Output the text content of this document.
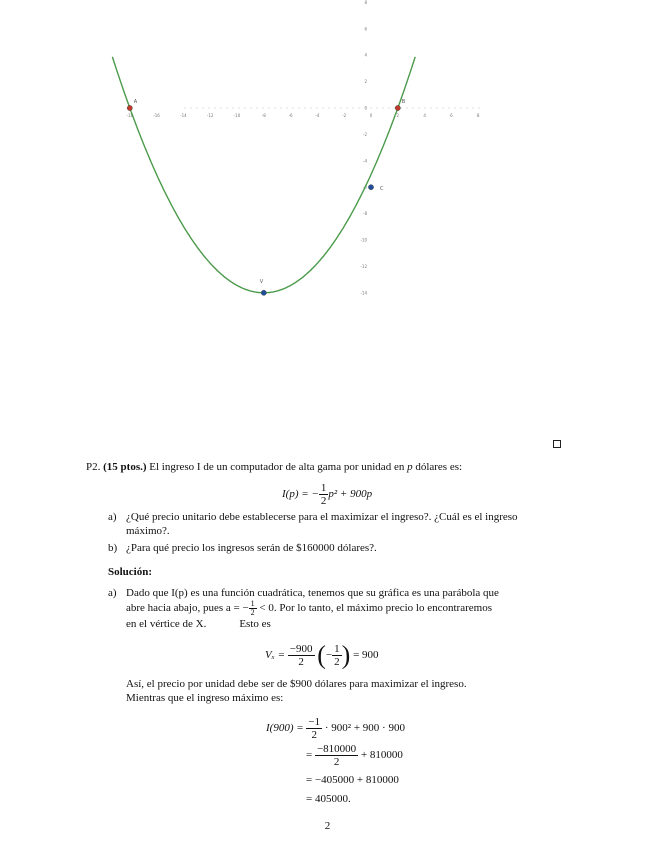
-18	-16	-14	-12	-10	-8	-6	-4	-2	0	2	4	6	8
8
6
4
2
0
-2
-4
-6
-8
-10
-12
-14
A	B
C
V
P2. (15 ptos.) El ingreso I de un computador de alta gama por unidad en p dólares es:
I(p) = − $\frac{1}{2} p^2 + 900p$
a) ¿Qué precio unitario debe establecerse para el maximizar el ingreso?. ¿Cuál es el ingreso
máximo?.
b) ¿Para qué precio los ingresos serán de $160000 dólares?.
Solución:
a) Dado que I(p) es una función cuadrática, tenemos que su gráfica es una parábola que
abre hacia abajo, pues a = − $\frac{1}{2} < 0$. Por lo tanto, el máximo precio lo encontraremos
en el vértice de X.            Esto es
$V_x = \frac{-900}{2}$ (− $\frac{1}{2}$ ) = 900
Así, el precio por unidad debe ser de $900 dólares para maximizar el ingreso.
Mientras que el ingreso máximo es:
$I(900) = \frac{-1}{2} \cdot 900^2 + 900 \cdot 900$
= $\frac{-810000}{2} + 810000$
= −405000 + 810000
= 405000.
2
